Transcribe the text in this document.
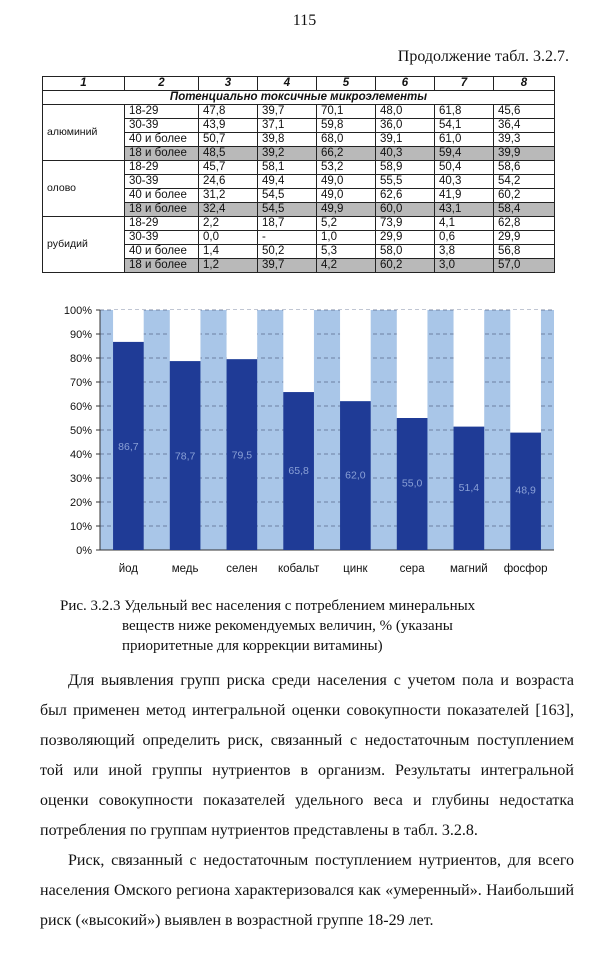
115
Продолжение табл. 3.2.7.
1	2	3	4	5	6	7	8
Потенциально токсичные микроэлементы							
алюминий	18-29	47,8	39,7	70,1	48,0	61,8	45,6
	30-39	43,9	37,1	59,8	36,0	54,1	36,4
	40 и более	50,7	39,8	68,0	39,1	61,0	39,3
	18 и более	48,5	39,2	66,2	40,3	59,4	39,9
олово	18-29	45,7	58,1	53,2	58,9	50,4	58,6
	30-39	24,6	49,4	49,0	55,5	40,3	54,2
	40 и более	31,2	54,5	49,0	62,6	41,9	60,2
	18 и более	32,4	54,5	49,9	60,0	43,1	58,4
рубидий	18-29	2,2	18,7	5,2	73,9	4,1	62,8
	30-39	0,0	-	1,0	29,9	0,6	29,9
	40 и более	1,4	50,2	5,3	58,0	3,8	56,8
	18 и более	1,2	39,7	4,2	60,2	3,0	57,0
0%
10%
20%
30%
40%
50%
60%
70%
80%
90%
100%
86,7
йод
78,7
медь
79,5
селен
65,8
кобальт
62,0
цинк
55,0
сера
51,4
магний
48,9
фосфор
Рис. 3.2.3 Удельный вес населения с потреблением минеральных
веществ ниже рекомендуемых величин, % (указаны
приоритетные для коррекции витамины)

Для выявления групп риска среди населения с учетом пола и возраста был применен метод интегральной оценки совокупности показателей [163], позволяющий определить риск, связанный с недостаточным поступлением той или иной группы нутриентов в организм. Результаты интегральной оценки совокупности показателей удельного веса и глубины недостатка потребления по группам нутриентов представлены в табл. 3.2.8.

Риск, связанный с недостаточным поступлением нутриентов, для всего населения Омского региона характеризовался как «умеренный». Наибольший риск («высокий») выявлен в возрастной группе 18-29 лет.
